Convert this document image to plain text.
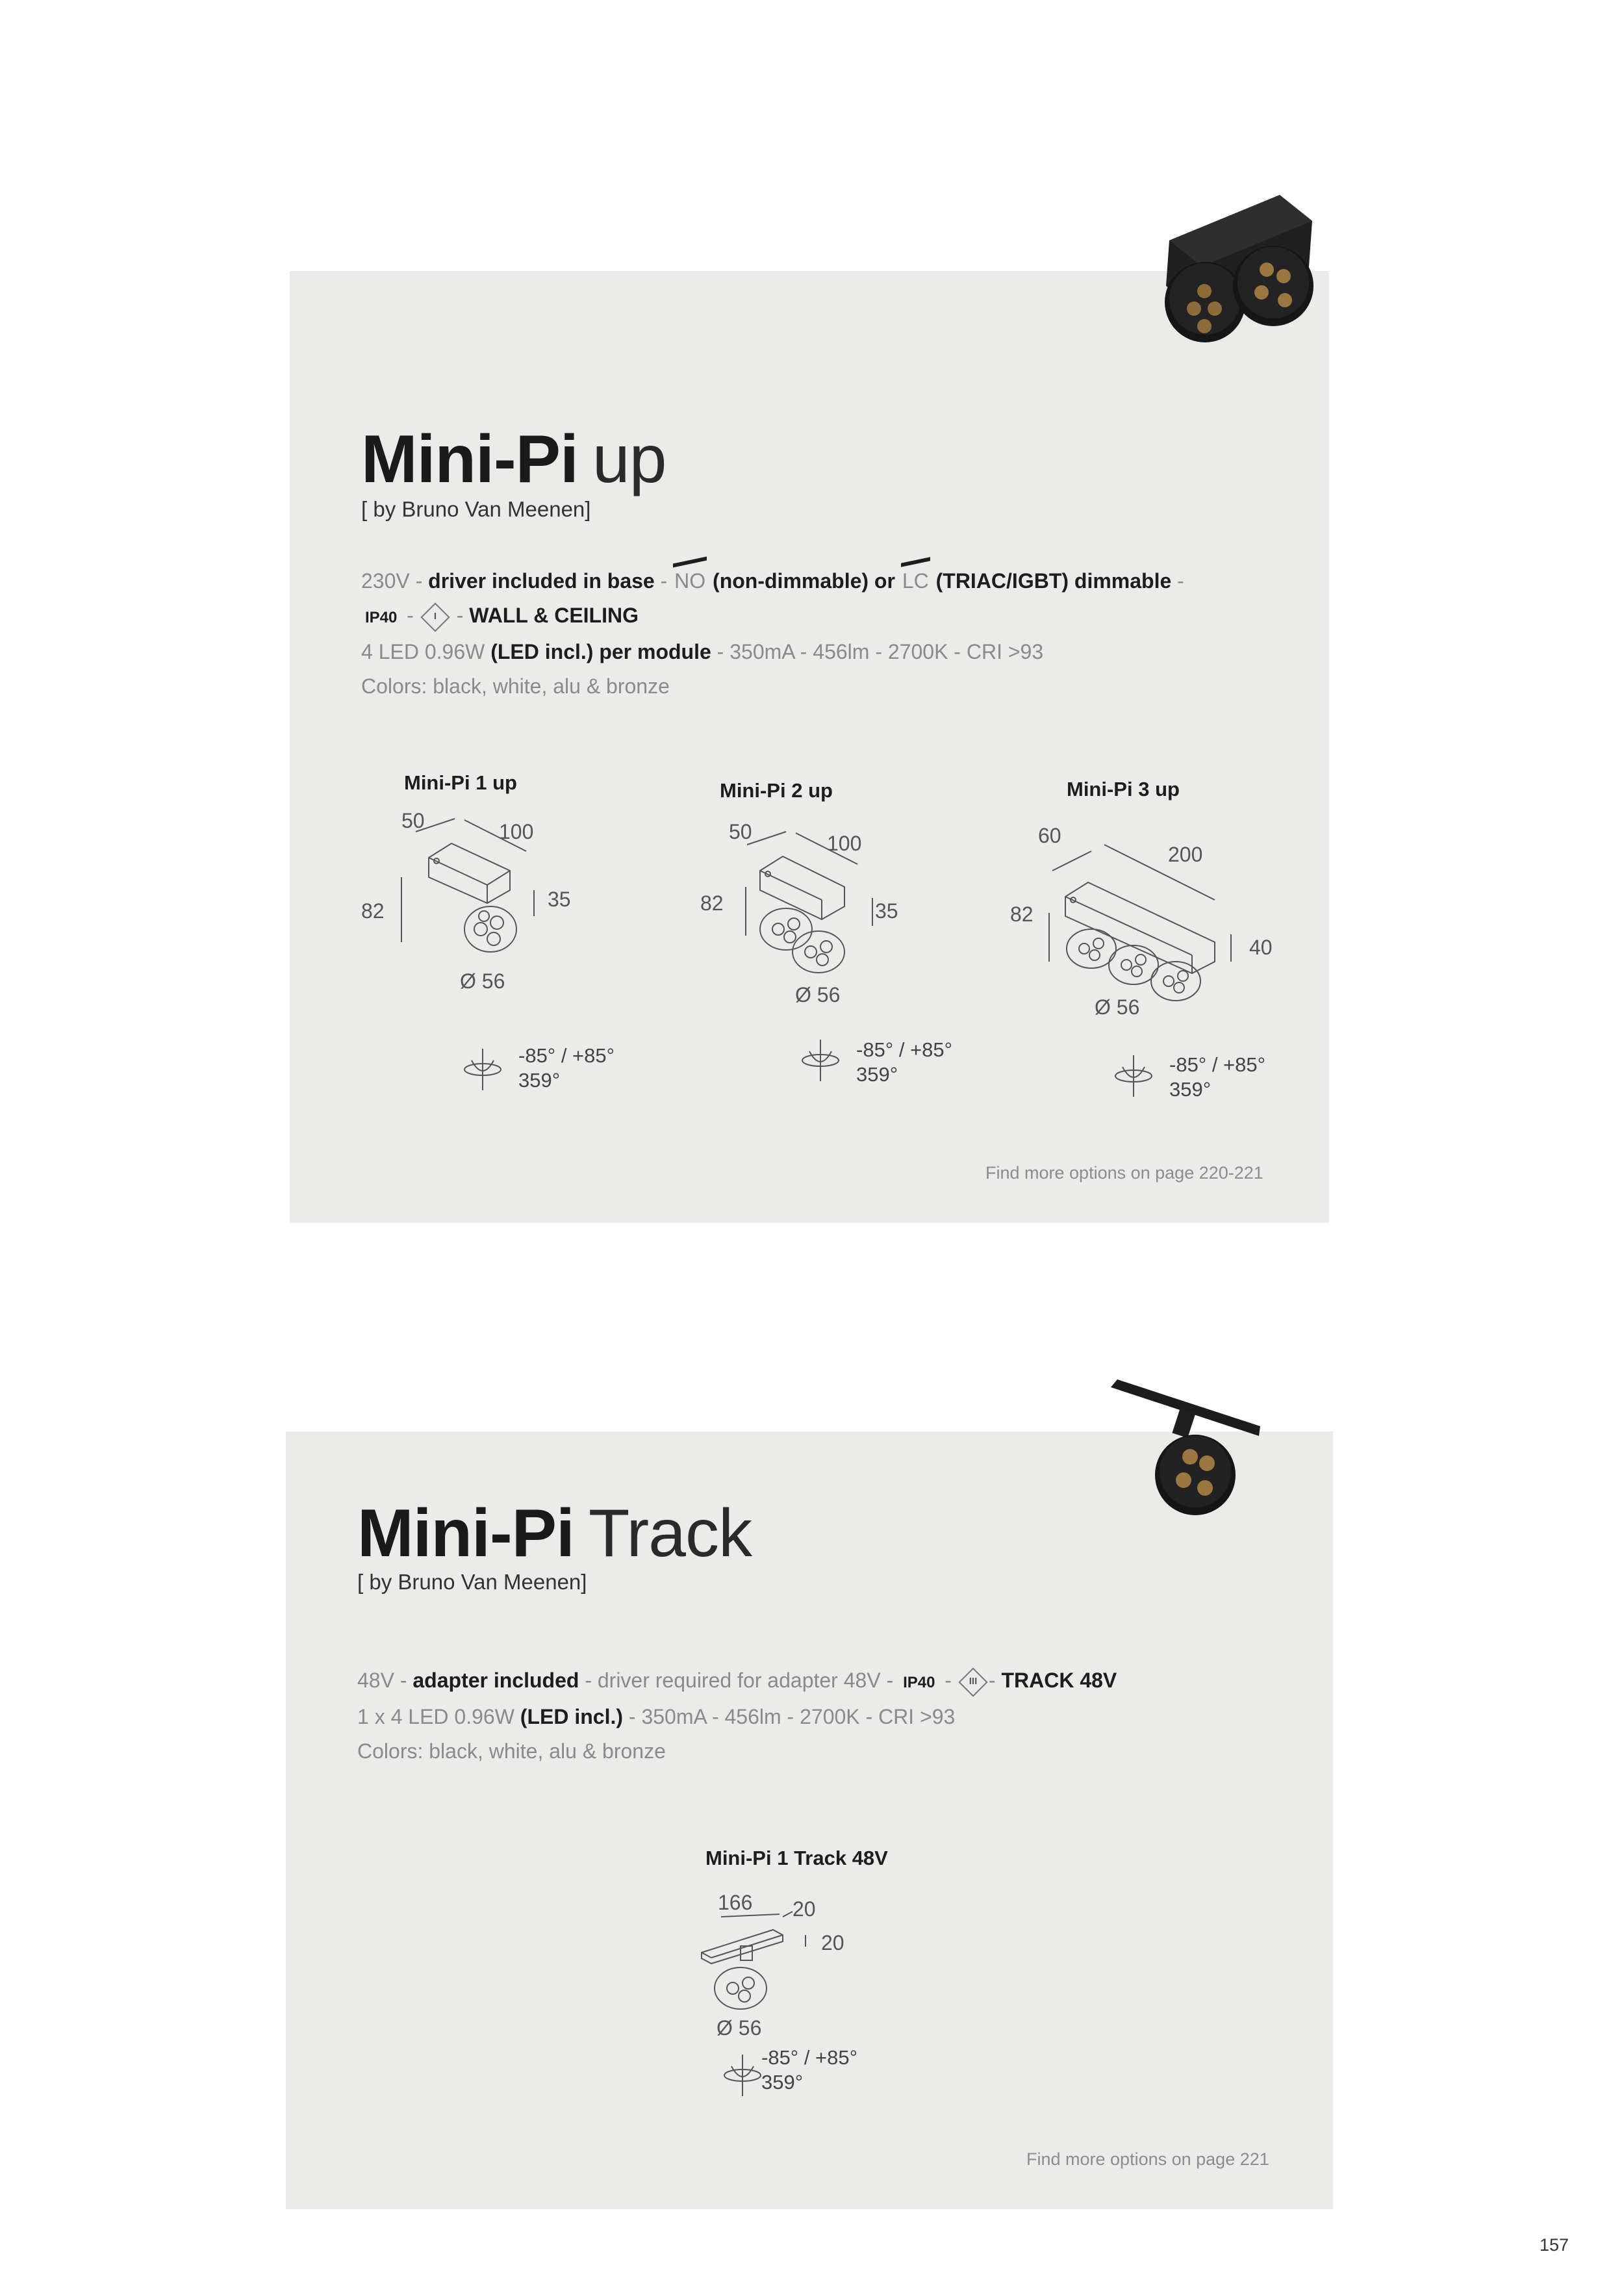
Mini-Pi up
[ by Bruno Van Meenen]
230V - driver included in base - NO (non-dimmable) or LC (TRIAC/IGBT) dimmable -
IP40 -	I - WALL & CEILING
4 LED 0.96W (LED incl.) per module - 350mA - 456lm - 2700K - CRI >93
Colors: black, white, alu & bronze
Mini-Pi 1 up
50	100
82	35
Ø 56
-85° / +85°
359°
Mini-Pi 2 up
50	100
82	35
Ø 56
-85° / +85°
359°
Mini-Pi 3 up
60
200
82
40
Ø 56
-85° / +85°
359°
Find more options on page 220-221
Mini-Pi Track
[ by Bruno Van Meenen]
48V - adapter included - driver required for adapter 48V - IP40 -	III - TRACK 48V
1 x 4 LED 0.96W (LED incl.) - 350mA - 456lm - 2700K - CRI >93
Colors: black, white, alu & bronze
Mini-Pi 1 Track 48V
166 20
20
Ø 56
-85° / +85°
359°
Find more options on page 221
157
